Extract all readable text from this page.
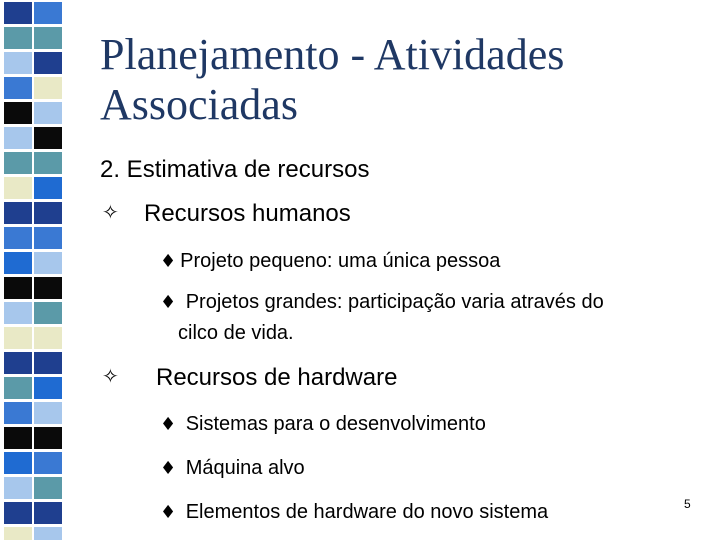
Planejamento - Atividades
Associadas
2. Estimativa de recursos
✧ Recursos humanos
♦ Projeto pequeno: uma única pessoa
♦ Projetos grandes: participação varia através do
cilco de vida.
✧ Recursos de hardware
♦ Sistemas para o desenvolvimento
♦ Máquina alvo
♦ Elementos de hardware do novo sistema	5
